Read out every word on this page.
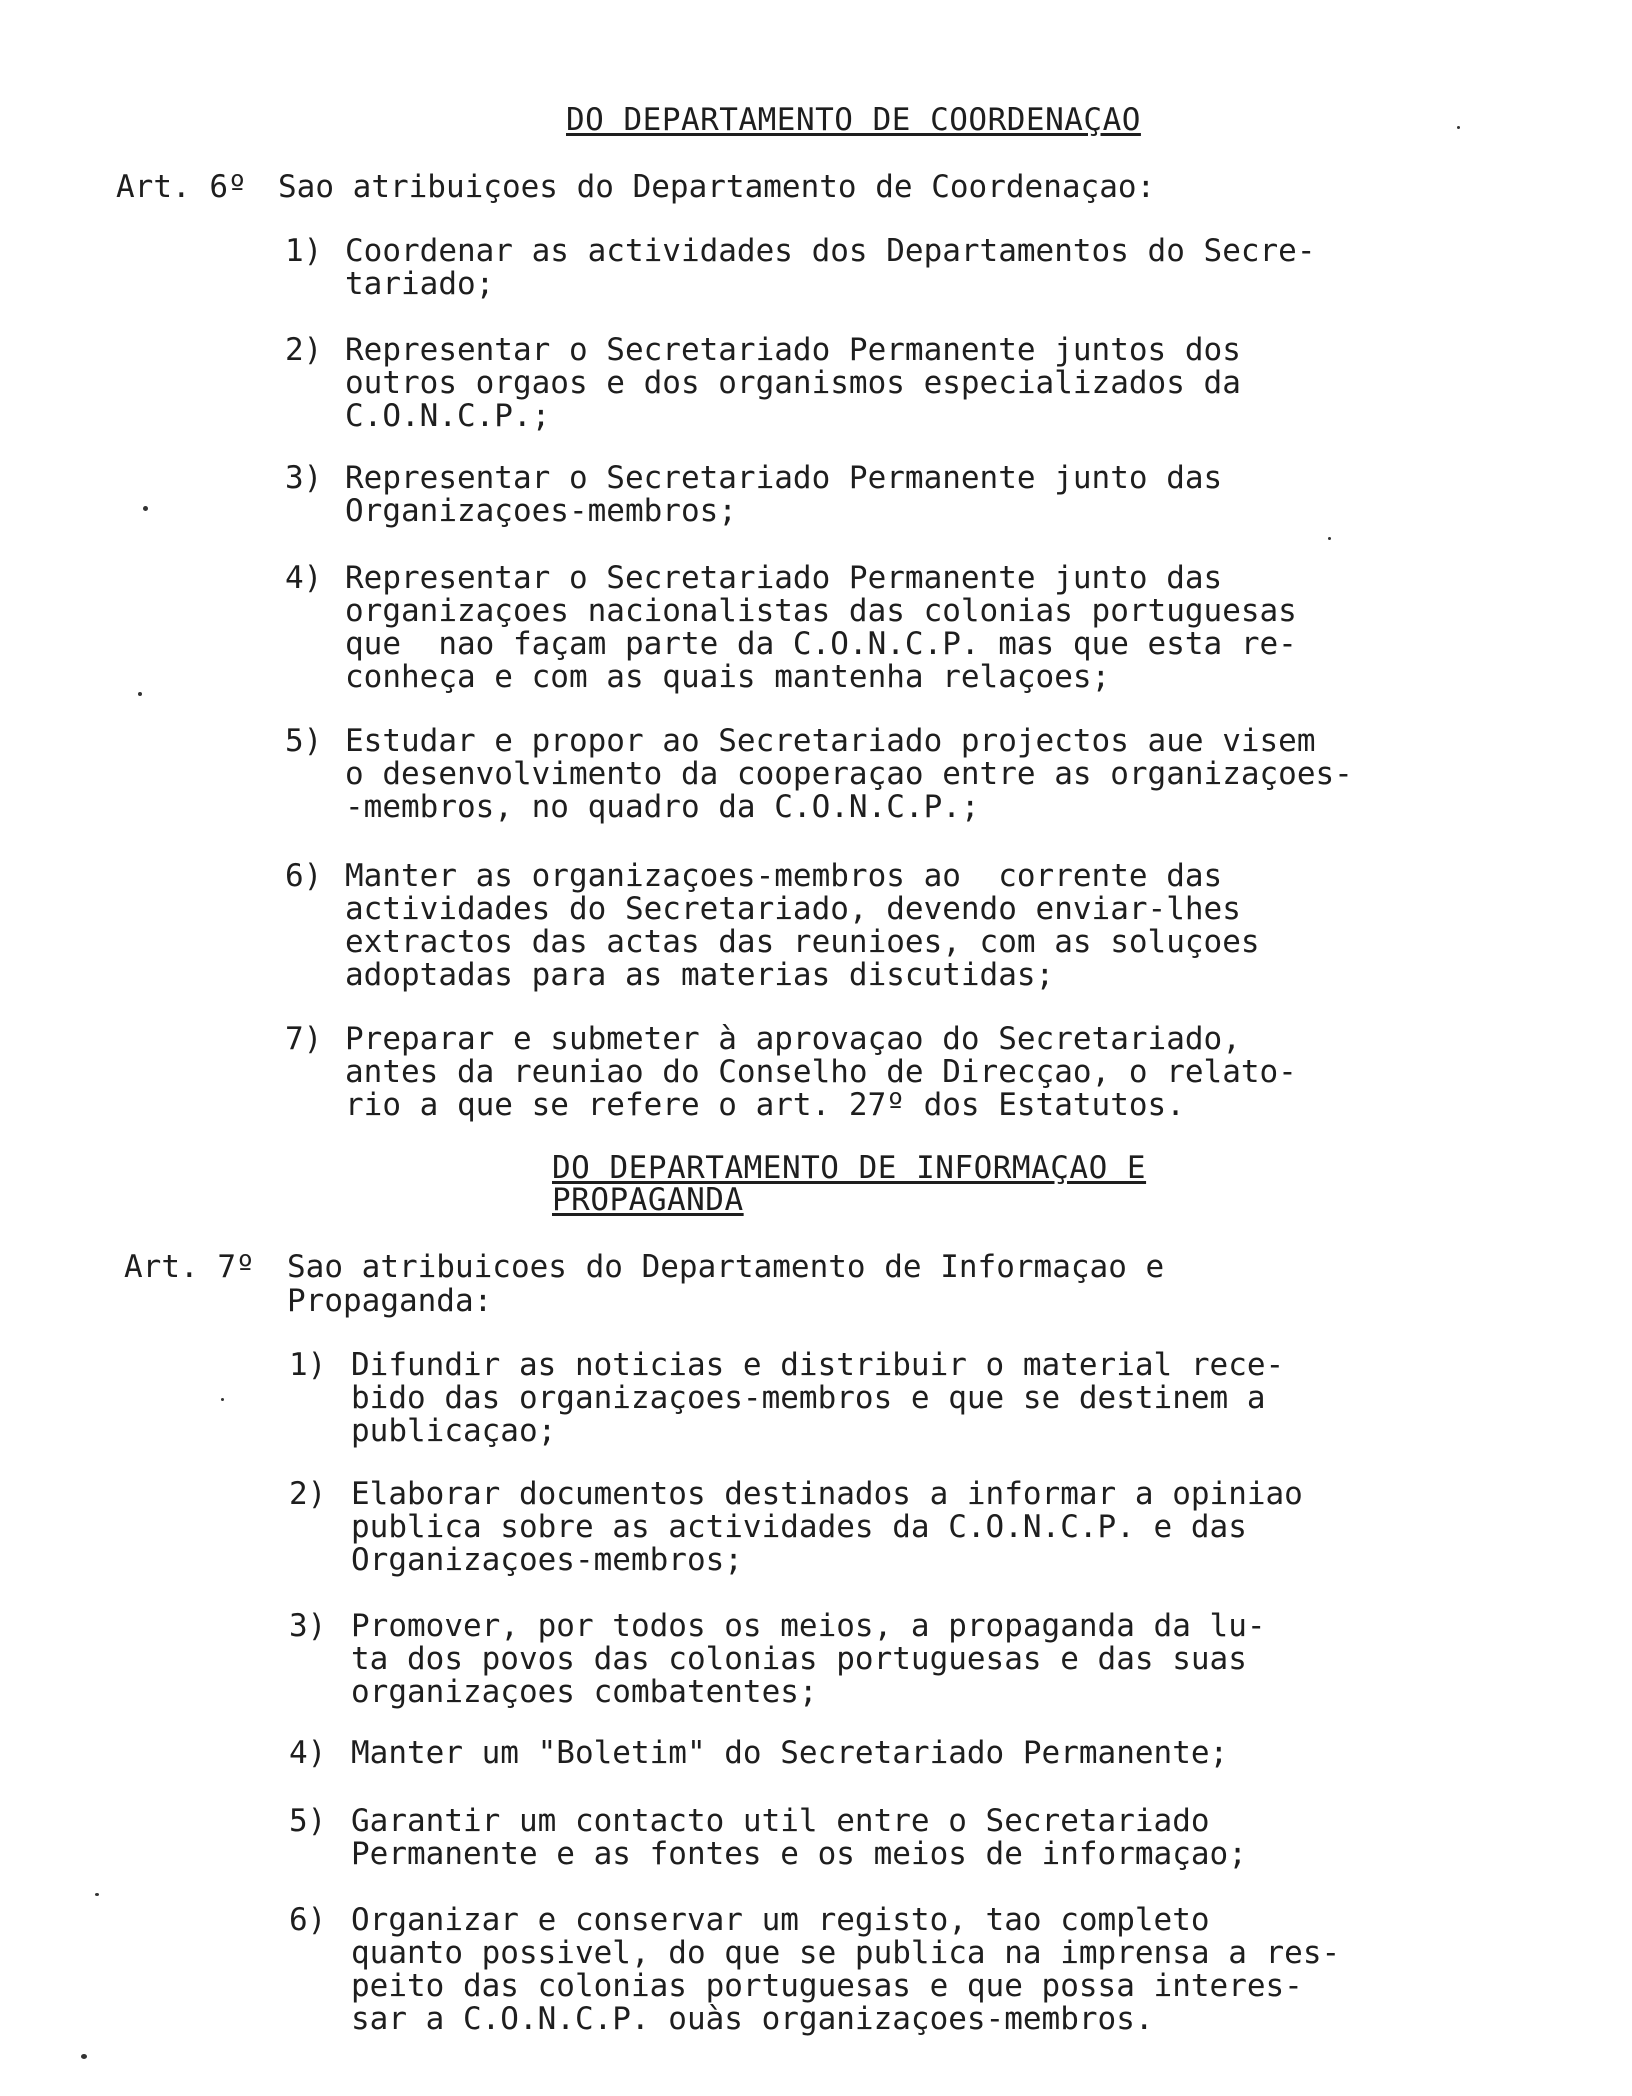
DO DEPARTAMENTO DE COORDENAÇAO
Art. 6º Sao atribuiçoes do Departamento de Coordenaçao:
1) Coordenar as actividades dos Departamentos do Secre-
tariado;
2) Representar o Secretariado Permanente juntos dos
outros orgaos e dos organismos especializados da
C.O.N.C.P.;
3) Representar o Secretariado Permanente junto das
Organizaçoes-membros;
4) Representar o Secretariado Permanente junto das
organizaçoes nacionalistas das colonias portuguesas
que  nao façam parte da C.O.N.C.P. mas que esta re-
conheça e com as quais mantenha relaçoes;
5) Estudar e propor ao Secretariado projectos aue visem
o desenvolvimento da cooperaçao entre as organizaçoes-
-membros, no quadro da C.O.N.C.P.;
6) Manter as organizaçoes-membros ao  corrente das
actividades do Secretariado, devendo enviar-lhes
extractos das actas das reunioes, com as soluçoes
adoptadas para as materias discutidas;
7) Preparar e submeter à aprovaçao do Secretariado,
antes da reuniao do Conselho de Direcçao, o relato-
rio a que se refere o art. 27º dos Estatutos.
DO DEPARTAMENTO DE INFORMAÇAO E
PROPAGANDA
Art. 7º Sao atribuicoes do Departamento de Informaçao e
Propaganda:
1) Difundir as noticias e distribuir o material rece-
bido das organizaçoes-membros e que se destinem a
publicaçao;
2) Elaborar documentos destinados a informar a opiniao
publica sobre as actividades da C.O.N.C.P. e das
Organizaçoes-membros;
3) Promover, por todos os meios, a propaganda da lu-
ta dos povos das colonias portuguesas e das suas
organizaçoes combatentes;
4) Manter um "Boletim" do Secretariado Permanente;
5) Garantir um contacto util entre o Secretariado
Permanente e as fontes e os meios de informaçao;
6) Organizar e conservar um registo, tao completo
quanto possivel, do que se publica na imprensa a res-
peito das colonias portuguesas e que possa interes-
sar a C.O.N.C.P. ouàs organizaçoes-membros.
